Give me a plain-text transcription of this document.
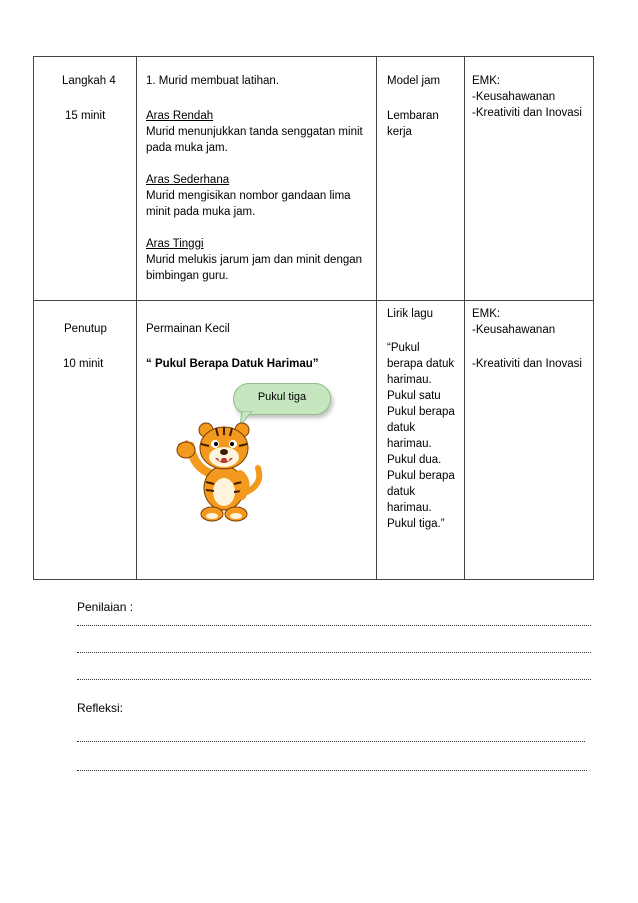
Langkah 4
15 minit
1. Murid membuat latihan.
Aras Rendah
Murid menunjukkan tanda senggatan minit
pada muka jam.
Aras Sederhana
Murid mengisikan nombor gandaan lima
minit pada muka jam.
Aras Tinggi
Murid melukis jarum jam dan minit dengan
bimbingan guru.
Model jam
Lembaran
kerja
EMK:
-Keusahawanan
-Kreativiti dan Inovasi
Penutup
10 minit
Permainan Kecil
“ Pukul Berapa Datuk Harimau”
Pukul tiga
Lirik lagu
“Pukul
berapa datuk
harimau.
Pukul satu
Pukul berapa
datuk
harimau.
Pukul dua.
Pukul berapa
datuk
harimau.
Pukul tiga.”
EMK:
-Keusahawanan
-Kreativiti dan Inovasi
Penilaian :
Refleksi:
